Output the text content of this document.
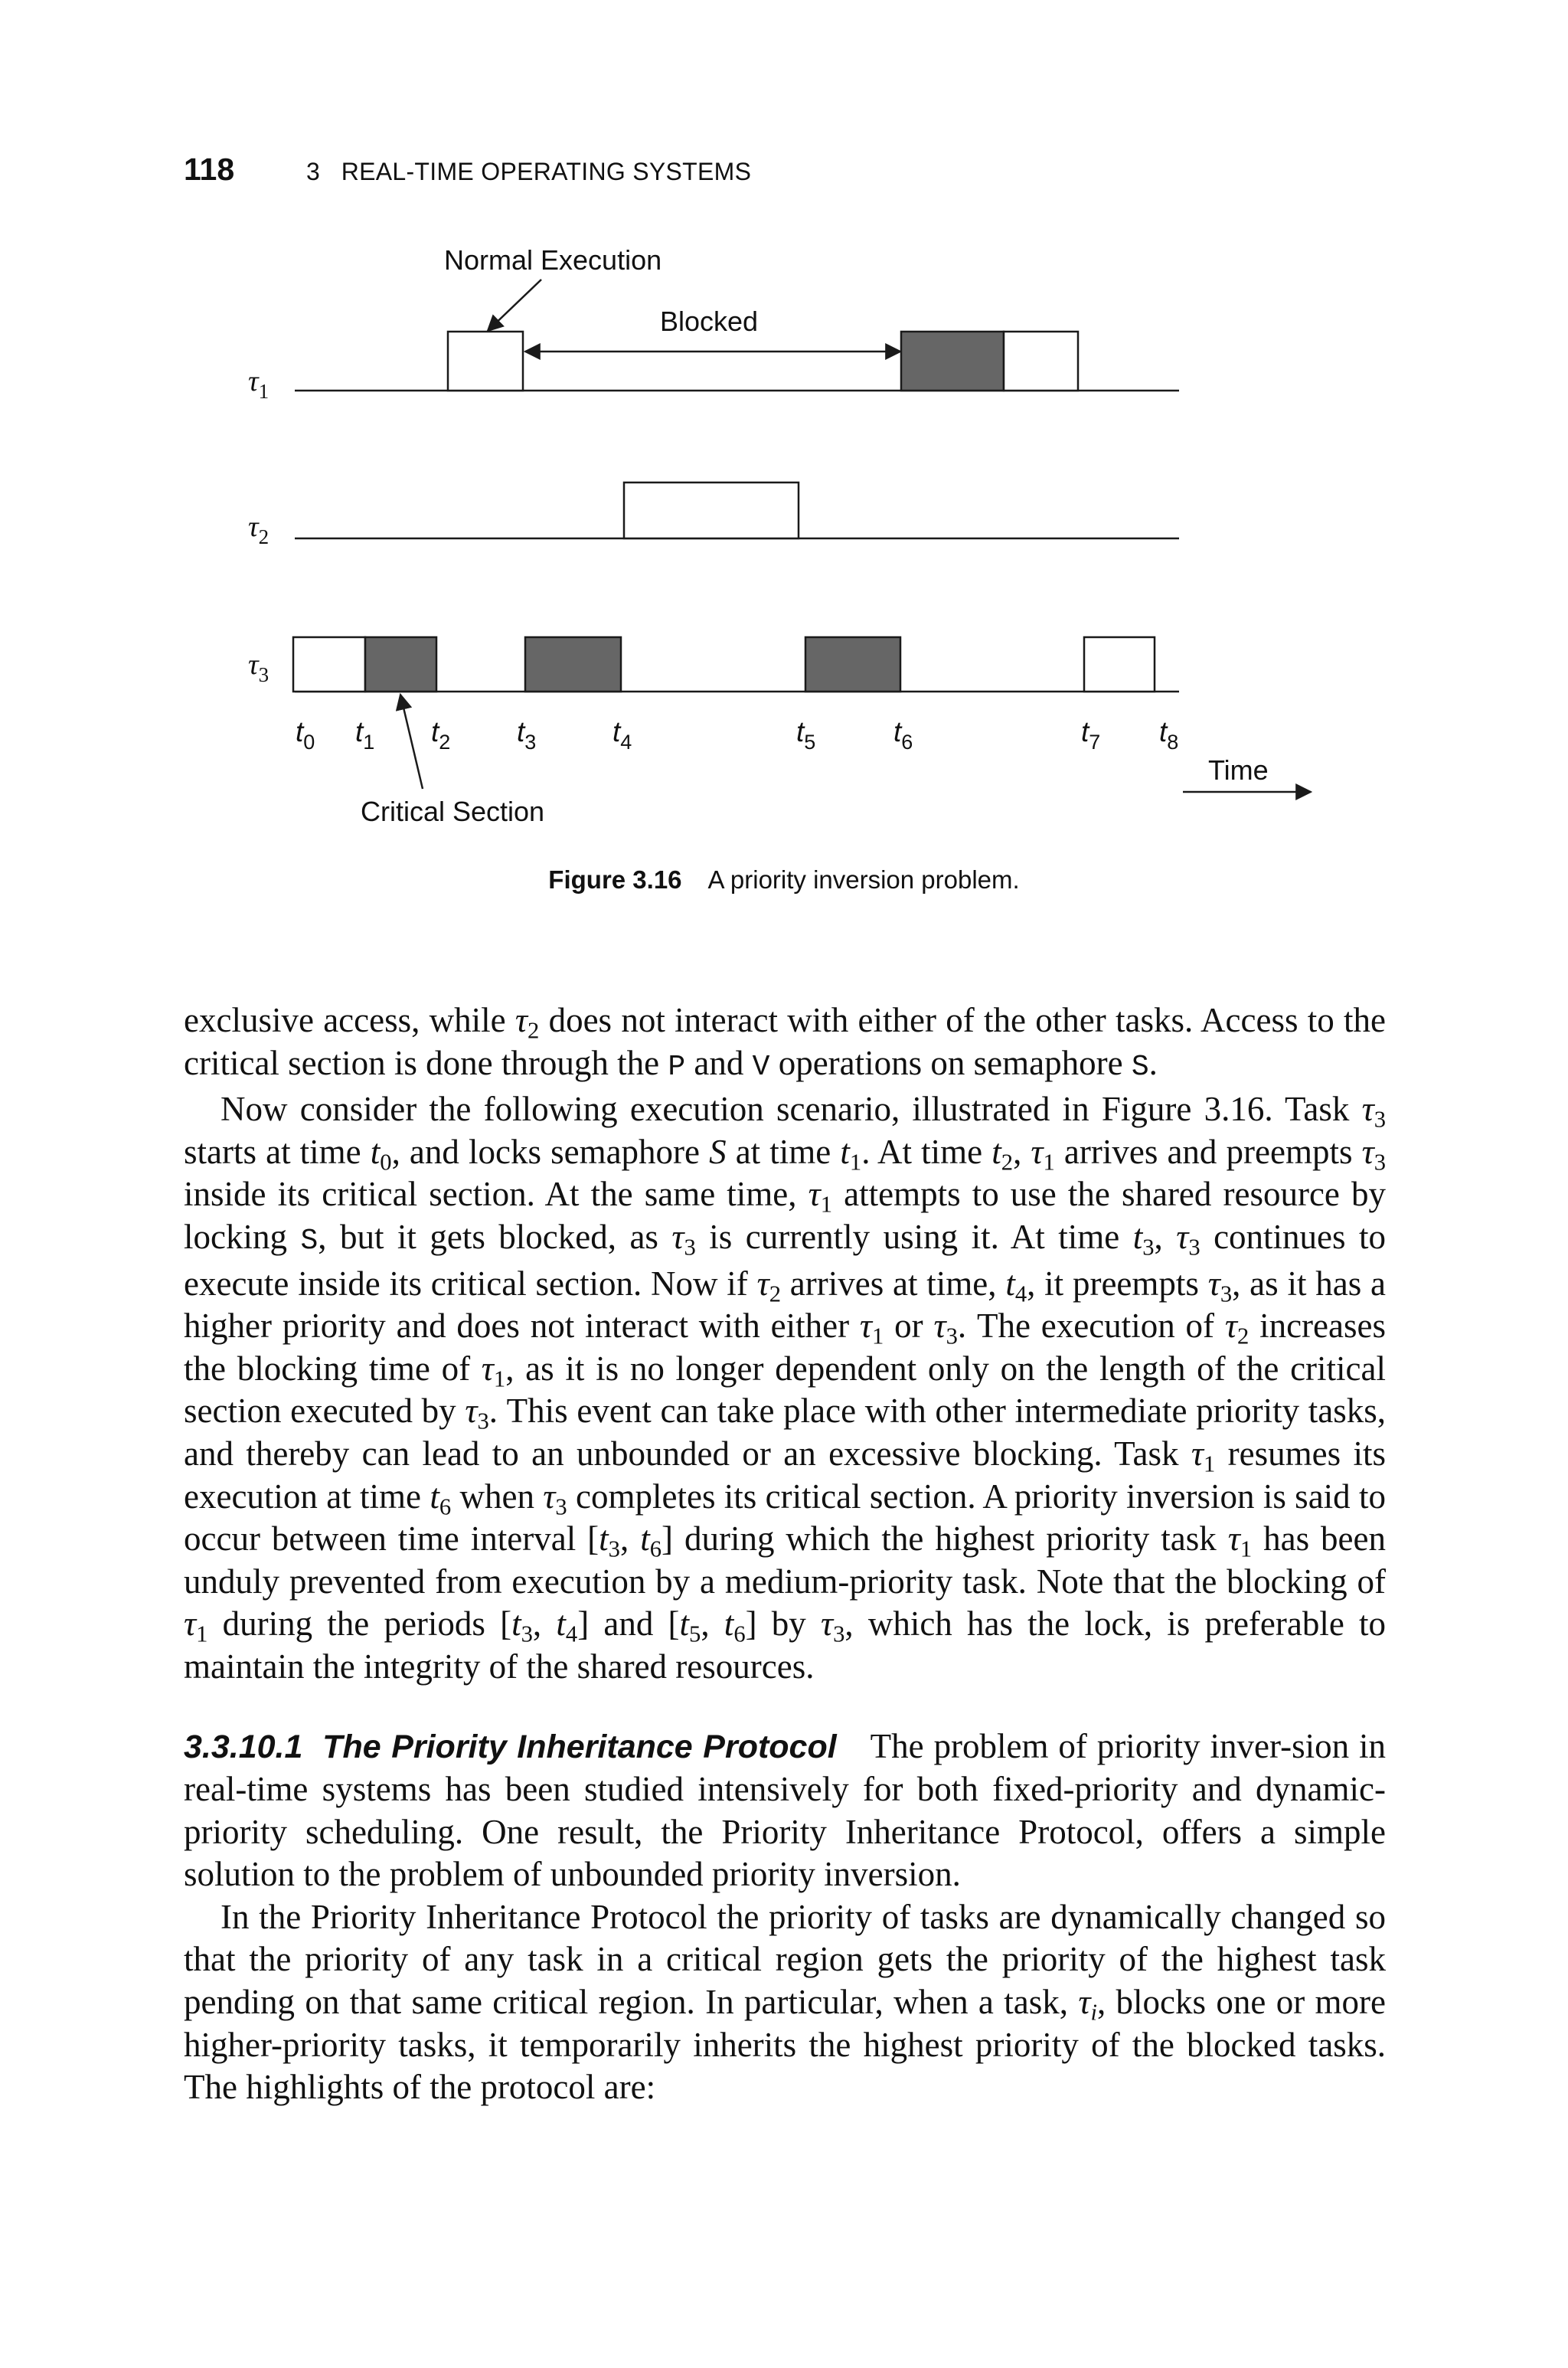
118	3 REAL-TIME OPERATING SYSTEMS
$\tau_1$
$\tau_2$
$\tau_3$
Normal Execution
Blocked
Critical Section
Time
$t_0$ $t_1$ $t_2$ $t_3$	$t_4$	$t_5$	$t_6$	$t_7$ $t_8$
Figure 3.16 A priority inversion problem.

exclusive access, while $\tau_2$ does not interact with either of the other tasks. Access to the critical section is done through the P and V operations on semaphore S.

Now consider the following execution scenario, illustrated in Figure 3.16. Task $\tau_3$ starts at time $t_0$, and locks semaphore S at time $t_1$. At time $t_2$, $\tau_1$ arrives and preempts $\tau_3$ inside its critical section. At the same time, $\tau_1$ attempts to use the shared resource by locking S, but it gets blocked, as $\tau_3$ is currently using it. At time $t_3$, $\tau_3$ continues to execute inside its critical section. Now if $\tau_2$ arrives at time, $t_4$, it preempts $\tau_3$, as it has a higher priority and does not interact with either $\tau_1$ or $\tau_3$. The execution of $\tau_2$ increases the blocking time of $\tau_1$, as it is no longer dependent only on the length of the critical section executed by $\tau_3$. This event can take place with other intermediate priority tasks, and thereby can lead to an unbounded or an excessive blocking. Task $\tau_1$ resumes its execution at time $t_6$ when $\tau_3$ completes its critical section. A priority inversion is said to occur between time interval [$t_3$, $t_6$] during which the highest priority task $\tau_1$ has been unduly prevented from execution by a medium-priority task. Note that the blocking of $\tau_1$ during the periods [$t_3$, $t_4$] and [$t_5$, $t_6$] by $\tau_3$, which has the lock, is preferable to maintain the integrity of the shared resources.

3.3.10.1 The Priority Inheritance Protocol The problem of priority inver-sion in real-time systems has been studied intensively for both fixed-priority and dynamic-priority scheduling. One result, the Priority Inheritance Protocol, offers a simple solution to the problem of unbounded priority inversion.

In the Priority Inheritance Protocol the priority of tasks are dynamically changed so that the priority of any task in a critical region gets the priority of the highest task pending on that same critical region. In particular, when a task, $\tau_i$, blocks one or more higher-priority tasks, it temporarily inherits the highest priority of the blocked tasks. The highlights of the protocol are:
